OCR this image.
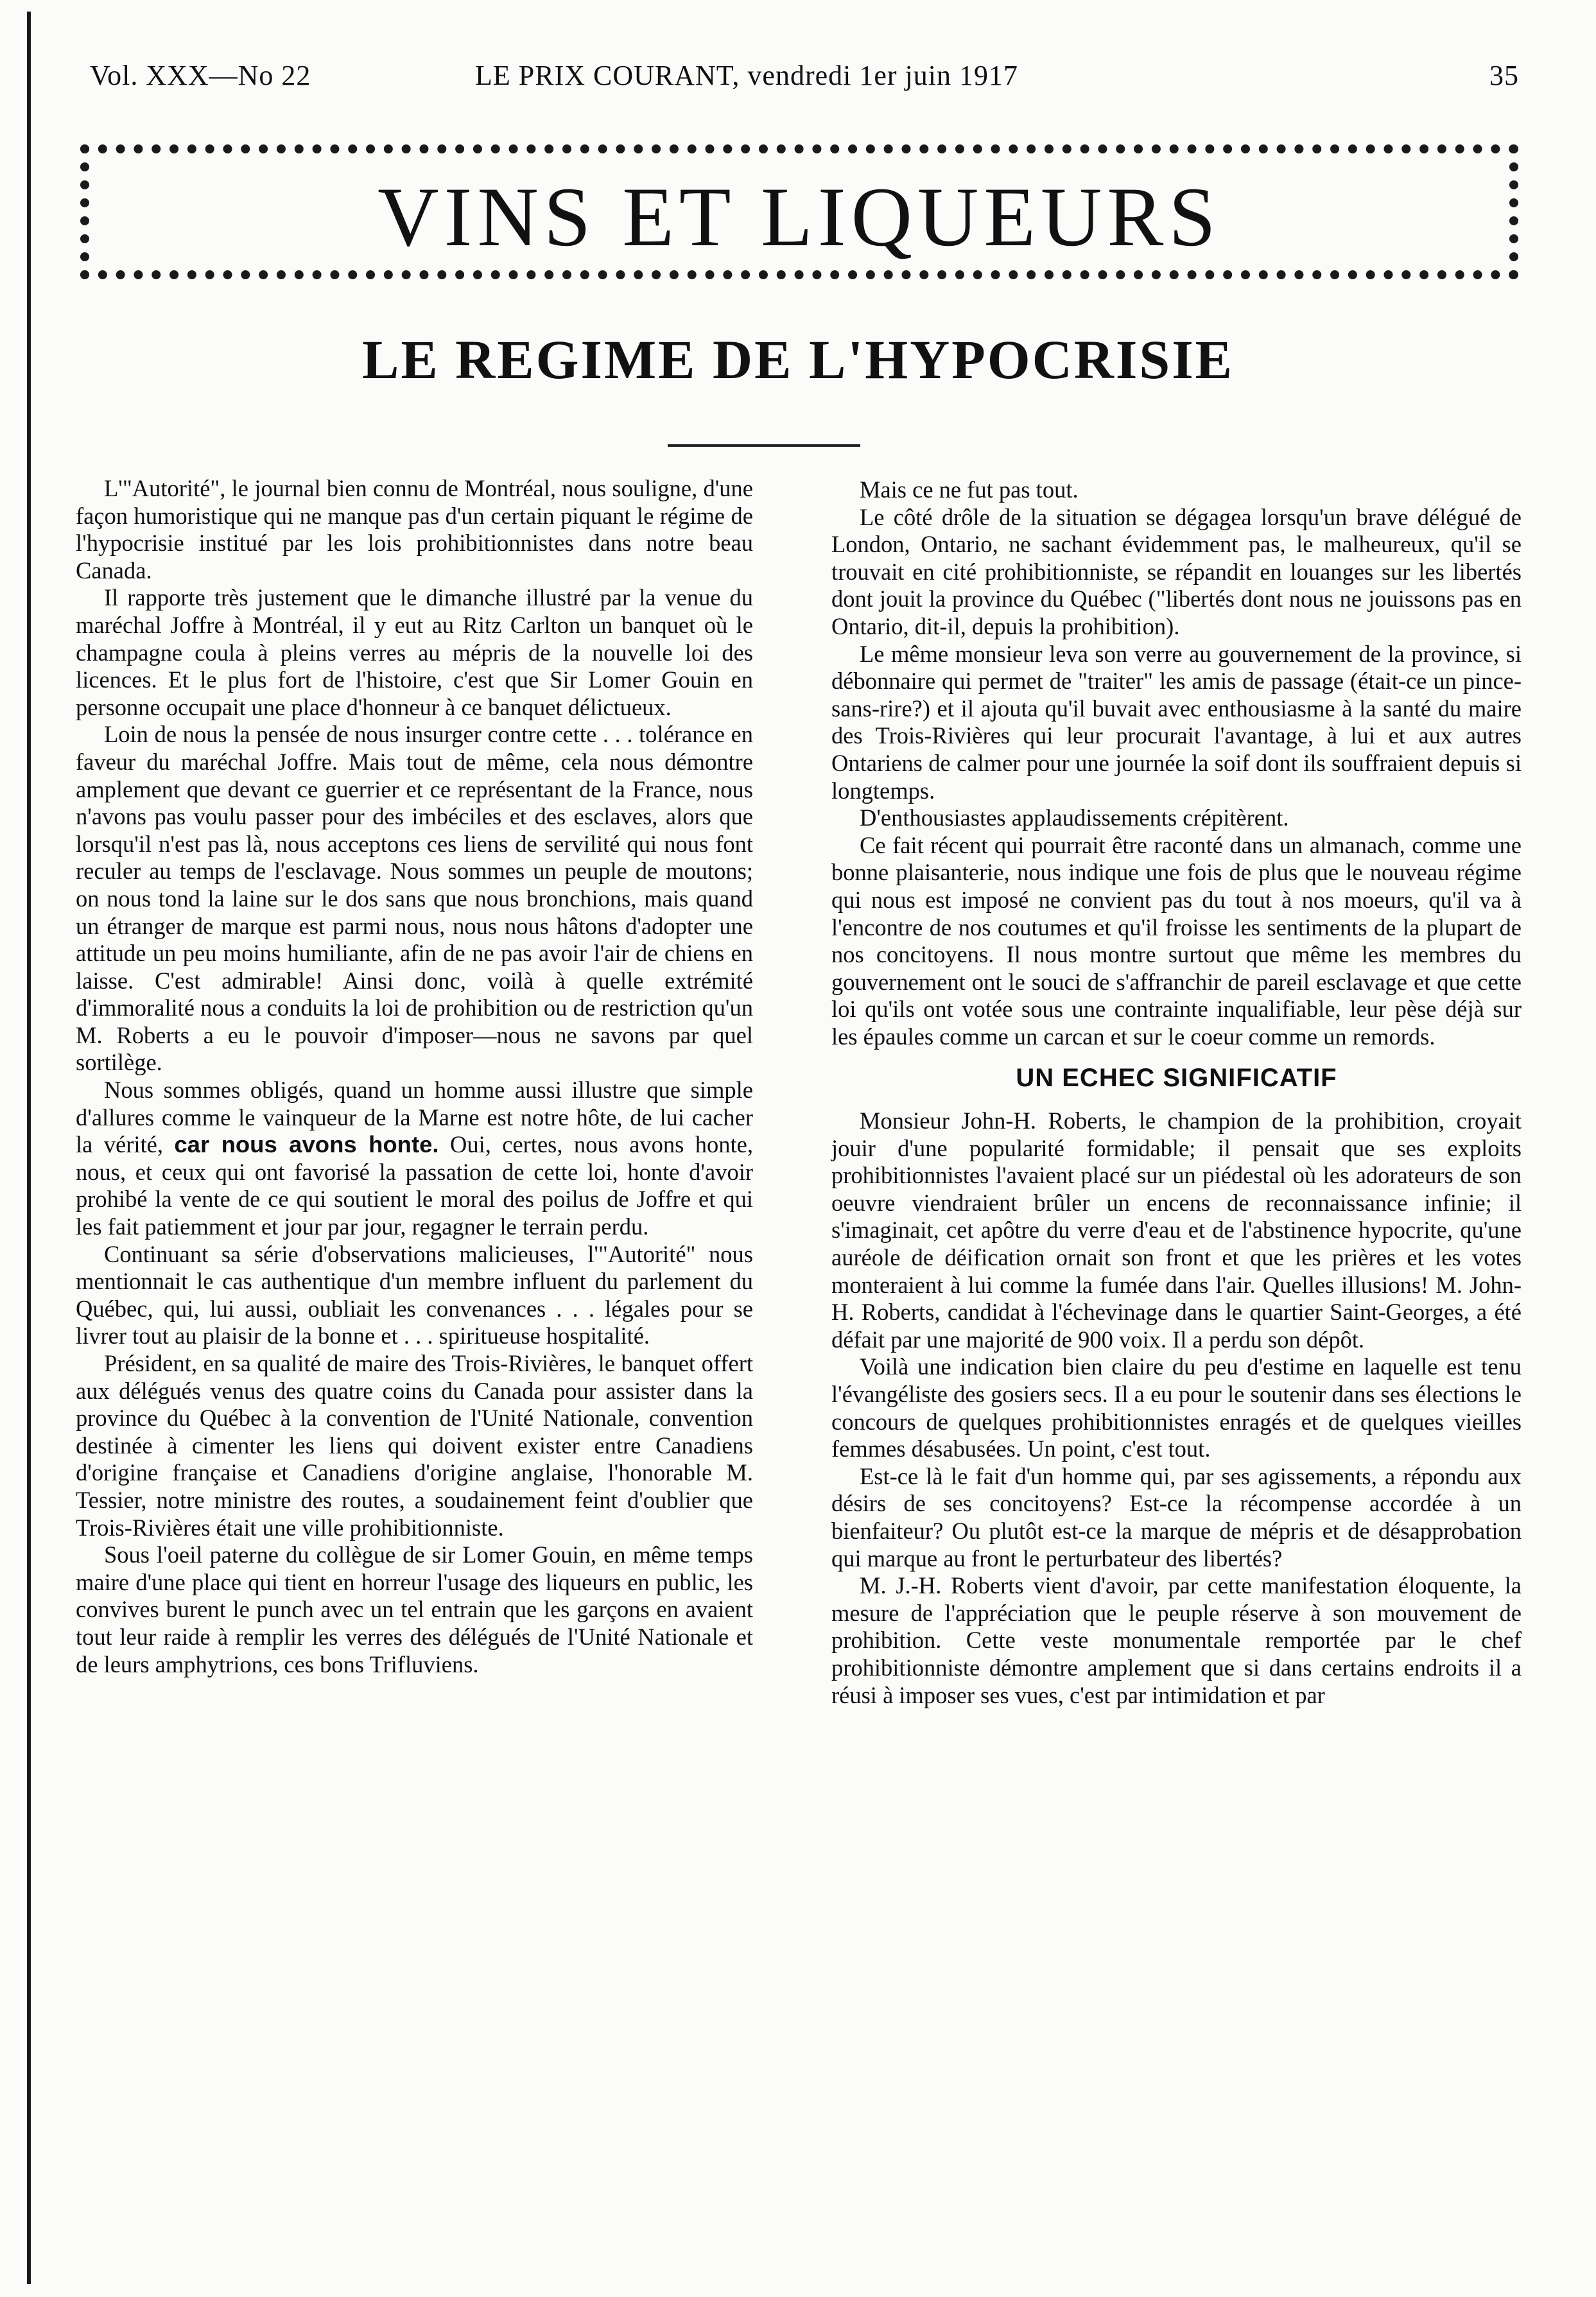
Vol. XXX—No 22	LE PRIX COURANT, vendredi 1er juin 1917	35
VINS ET LIQUEURS
LE REGIME DE L'HYPOCRISIE

L'"Autorité", le journal bien connu de Montréal, nous souligne, d'une façon humoristique qui ne manque pas d'un certain piquant le régime de l'hypocrisie institué par les lois prohibitionnistes dans notre beau Canada.

Il rapporte très justement que le dimanche illustré par la venue du maréchal Joffre à Montréal, il y eut au Ritz Carlton un banquet où le champagne coula à pleins verres au mépris de la nouvelle loi des licences. Et le plus fort de l'histoire, c'est que Sir Lomer Gouin en personne occupait une place d'honneur à ce banquet délictueux.

Loin de nous la pensée de nous insurger contre cette . . . tolérance en faveur du maréchal Joffre. Mais tout de même, cela nous démontre amplement que devant ce guerrier et ce représentant de la France, nous n'avons pas voulu passer pour des imbéciles et des esclaves, alors que lorsqu'il n'est pas là, nous acceptons ces liens de servilité qui nous font reculer au temps de l'esclavage. Nous sommes un peuple de moutons; on nous tond la laine sur le dos sans que nous bronchions, mais quand un étranger de marque est parmi nous, nous nous hâtons d'adopter une attitude un peu moins humiliante, afin de ne pas avoir l'air de chiens en laisse. C'est admirable! Ainsi donc, voilà à quelle extrémité d'immoralité nous a conduits la loi de prohibition ou de restriction qu'un M. Roberts a eu le pouvoir d'imposer—nous ne savons par quel sortilège.

Nous sommes obligés, quand un homme aussi illustre que simple d'allures comme le vainqueur de la Marne est notre hôte, de lui cacher la vérité, car nous avons honte. Oui, certes, nous avons honte, nous, et ceux qui ont favorisé la passation de cette loi, honte d'avoir prohibé la vente de ce qui soutient le moral des poilus de Joffre et qui les fait patiemment et jour par jour, regagner le terrain perdu.

Continuant sa série d'observations malicieuses, l'"Autorité" nous mentionnait le cas authentique d'un membre influent du parlement du Québec, qui, lui aussi, oubliait les convenances . . . légales pour se livrer tout au plaisir de la bonne et . . . spiritueuse hospitalité.

Président, en sa qualité de maire des Trois-Rivières, le banquet offert aux délégués venus des quatre coins du Canada pour assister dans la province du Québec à la convention de l'Unité Nationale, convention destinée à cimenter les liens qui doivent exister entre Canadiens d'origine française et Canadiens d'origine anglaise, l'honorable M. Tessier, notre ministre des routes, a soudainement feint d'oublier que Trois-Rivières était une ville prohibitionniste.

Sous l'oeil paterne du collègue de sir Lomer Gouin, en même temps maire d'une place qui tient en horreur l'usage des liqueurs en public, les convives burent le punch avec un tel entrain que les garçons en avaient tout leur raide à remplir les verres des délégués de l'Unité Nationale et de leurs amphytrions, ces bons Trifluviens.

Mais ce ne fut pas tout.

Le côté drôle de la situation se dégagea lorsqu'un brave délégué de London, Ontario, ne sachant évidemment pas, le malheureux, qu'il se trouvait en cité prohibitionniste, se répandit en louanges sur les libertés dont jouit la province du Québec ("libertés dont nous ne jouissons pas en Ontario, dit-il, depuis la prohibition).

Le même monsieur leva son verre au gouvernement de la province, si débonnaire qui permet de "traiter" les amis de passage (était-ce un pince-sans-rire?) et il ajouta qu'il buvait avec enthousiasme à la santé du maire des Trois-Rivières qui leur procurait l'avantage, à lui et aux autres Ontariens de calmer pour une journée la soif dont ils souffraient depuis si longtemps.

D'enthousiastes applaudissements crépitèrent.

Ce fait récent qui pourrait être raconté dans un almanach, comme une bonne plaisanterie, nous indique une fois de plus que le nouveau régime qui nous est imposé ne convient pas du tout à nos moeurs, qu'il va à l'encontre de nos coutumes et qu'il froisse les sentiments de la plupart de nos concitoyens. Il nous montre surtout que même les membres du gouvernement ont le souci de s'affranchir de pareil esclavage et que cette loi qu'ils ont votée sous une contrainte inqualifiable, leur pèse déjà sur les épaules comme un carcan et sur le coeur comme un remords.

UN ECHEC SIGNIFICATIF

Monsieur John-H. Roberts, le champion de la prohibition, croyait jouir d'une popularité formidable; il pensait que ses exploits prohibitionnistes l'avaient placé sur un piédestal où les adorateurs de son oeuvre viendraient brûler un encens de reconnaissance infinie; il s'imaginait, cet apôtre du verre d'eau et de l'abstinence hypocrite, qu'une auréole de déification ornait son front et que les prières et les votes monteraient à lui comme la fumée dans l'air. Quelles illusions! M. John-H. Roberts, candidat à l'échevinage dans le quartier Saint-Georges, a été défait par une majorité de 900 voix. Il a perdu son dépôt.

Voilà une indication bien claire du peu d'estime en laquelle est tenu l'évangéliste des gosiers secs. Il a eu pour le soutenir dans ses élections le concours de quelques prohibitionnistes enragés et de quelques vieilles femmes désabusées. Un point, c'est tout.

Est-ce là le fait d'un homme qui, par ses agissements, a répondu aux désirs de ses concitoyens? Est-ce la récompense accordée à un bienfaiteur? Ou plutôt est-ce la marque de mépris et de désapprobation qui marque au front le perturbateur des libertés?

M. J.-H. Roberts vient d'avoir, par cette manifestation éloquente, la mesure de l'appréciation que le peuple réserve à son mouvement de prohibition. Cette veste monumentale remportée par le chef prohibitionniste démontre amplement que si dans certains endroits il a réusi à imposer ses vues, c'est par intimidation et par
